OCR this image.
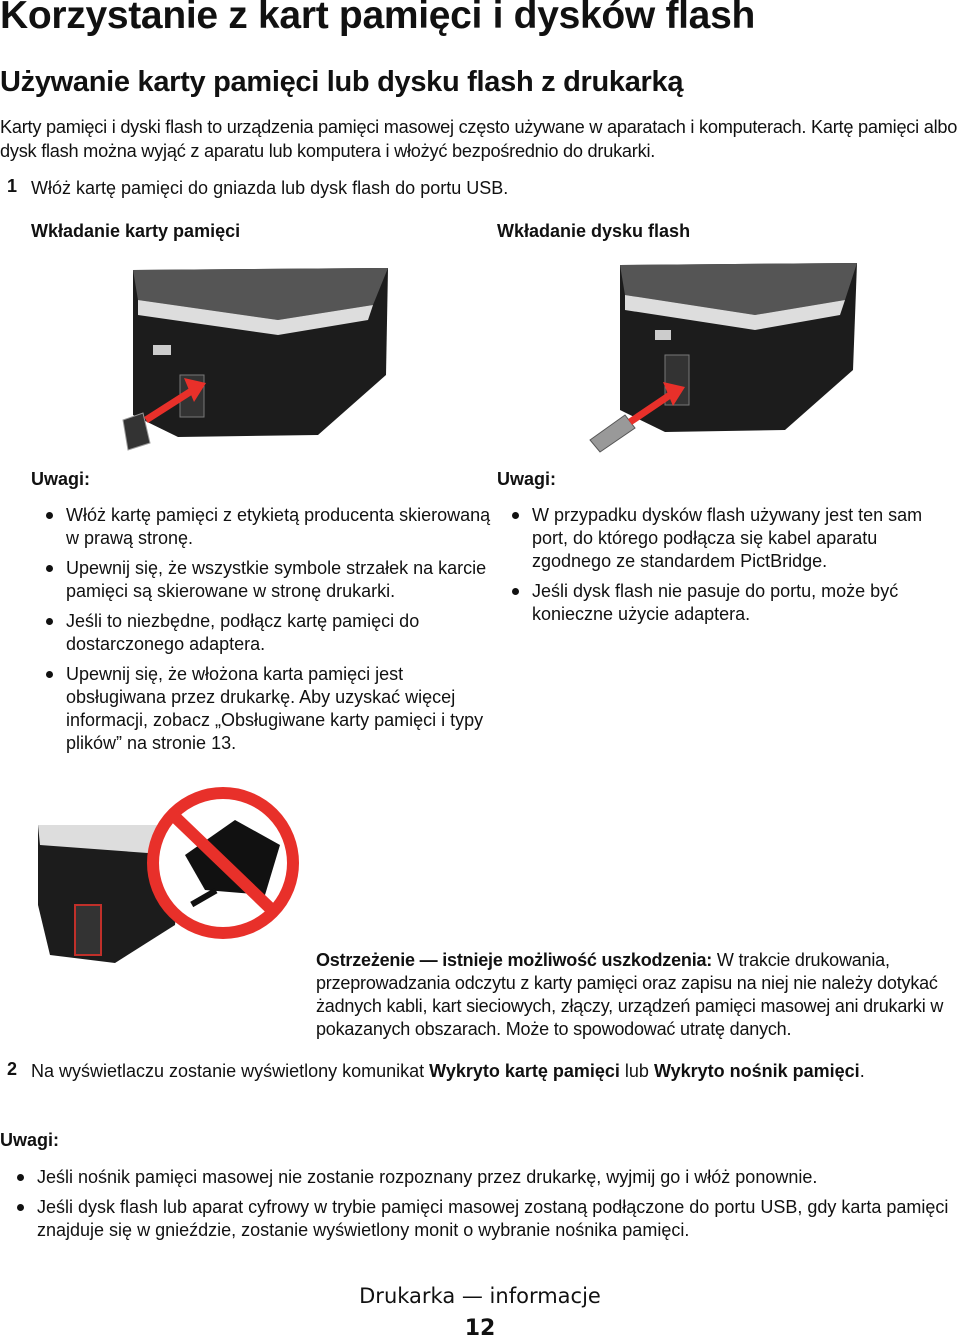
Korzystanie z kart pamięci i dysków flash
Używanie karty pamięci lub dysku flash z drukarką

Karty pamięci i dyski flash to urządzenia pamięci masowej często używane w aparatach i komputerach. Kartę pamięci albo dysk flash można wyjąć z aparatu lub komputera i włożyć bezpośrednio do drukarki.

1 Włóż kartę pamięci do gniazda lub dysk flash do portu USB.

Wkładanie karty pamięci	Wkładanie dysku flash

Uwagi:

Włóż kartę pamięci z etykietą producenta skierowaną w prawą stronę.
Upewnij się, że wszystkie symbole strzałek na karcie pamięci są skierowane w stronę drukarki.
Jeśli to niezbędne, podłącz kartę pamięci do dostarczonego adaptera.
Upewnij się, że włożona karta pamięci jest obsługiwana przez drukarkę. Aby uzyskać więcej informacji, zobacz „Obsługiwane karty pamięci i typy plików” na stronie 13.

Uwagi:

W przypadku dysków flash używany jest ten sam port, do którego podłącza się kabel aparatu zgodnego ze standardem PictBridge.
Jeśli dysk flash nie pasuje do portu, może być konieczne użycie adaptera.

Ostrzeżenie — istnieje możliwość uszkodzenia: W trakcie drukowania, przeprowadzania odczytu z karty pamięci oraz zapisu na niej nie należy dotykać żadnych kabli, kart sieciowych, złączy, urządzeń pamięci masowej ani drukarki w pokazanych obszarach. Może to spowodować utratę danych.

2 Na wyświetlaczu zostanie wyświetlony komunikat Wykryto kartę pamięci lub Wykryto nośnik pamięci.

Uwagi:

Jeśli nośnik pamięci masowej nie zostanie rozpoznany przez drukarkę, wyjmij go i włóż ponownie.
Jeśli dysk flash lub aparat cyfrowy w trybie pamięci masowej zostaną podłączone do portu USB, gdy karta pamięci znajduje się w gnieździe, zostanie wyświetlony monit o wybranie nośnika pamięci.
Drukarka — informacje
12
